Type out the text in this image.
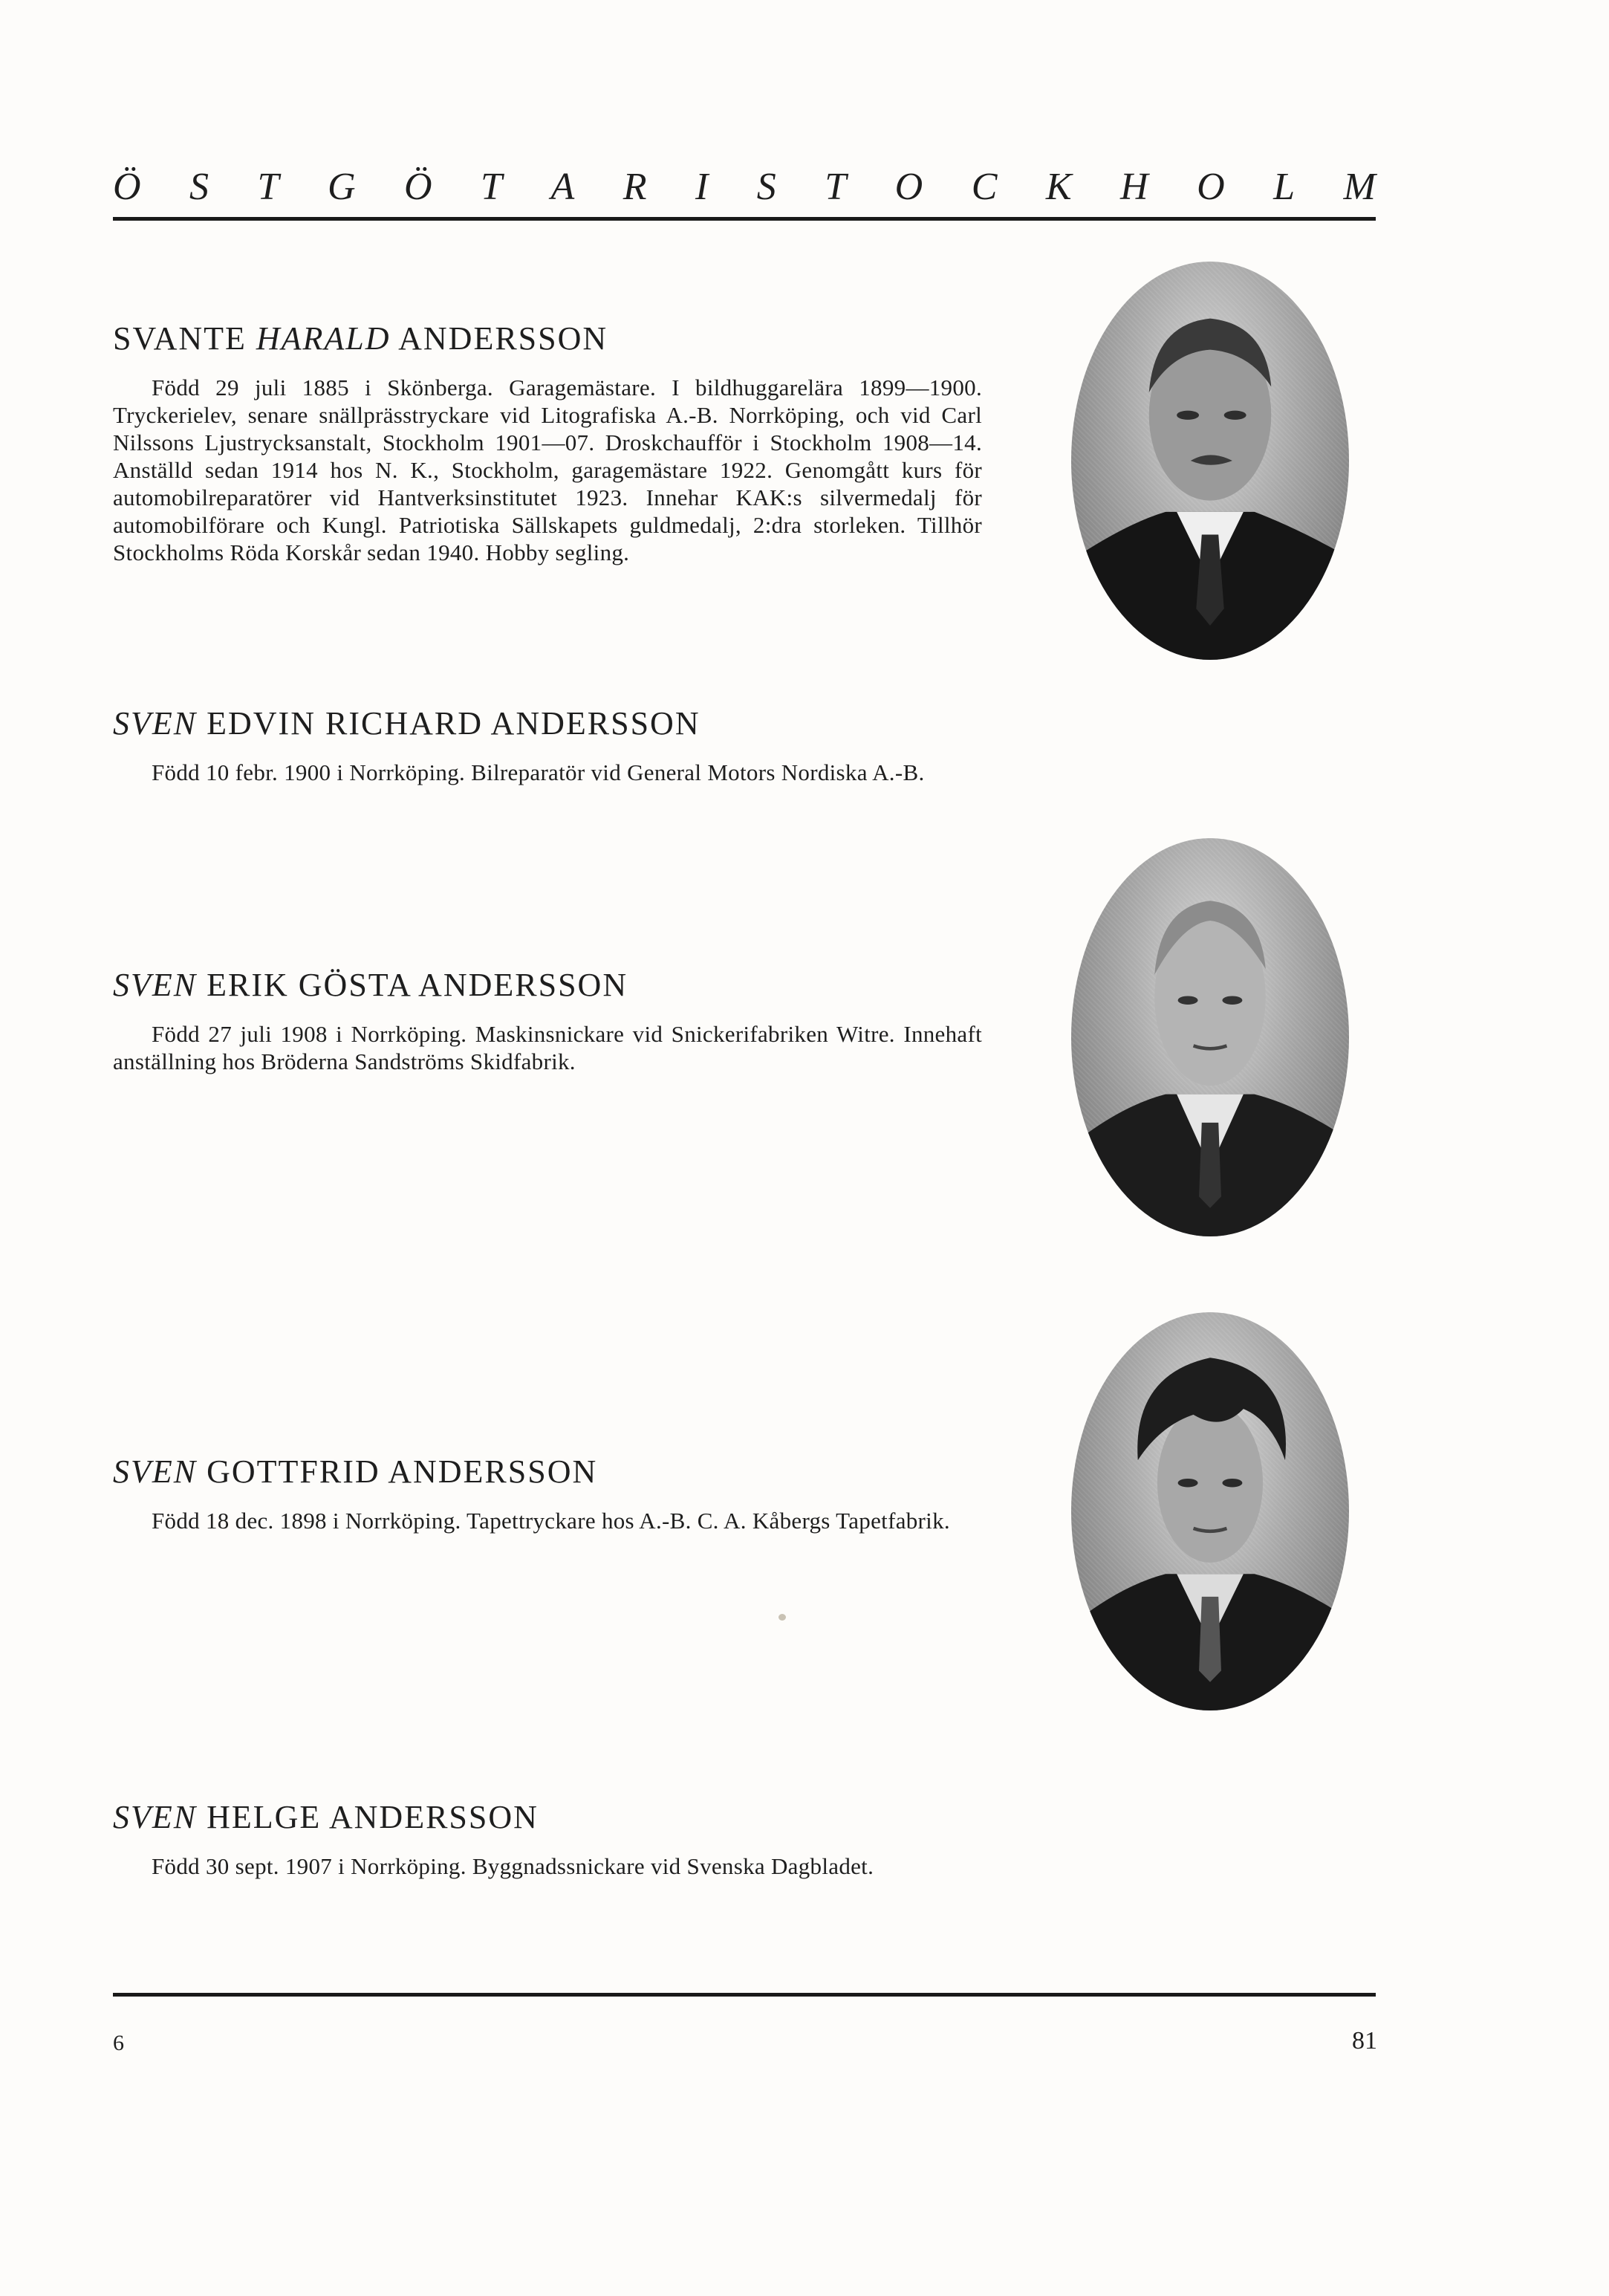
Ö S T G Ö T A R I S T O C K H O L M
SVANTE HARALD ANDERSSON

Född 29 juli 1885 i Skönberga. Garagemästare. I bildhuggarelära 1899—1900. Tryckerielev, senare snällprässtryckare vid Litografiska A.-B. Norrköping, och vid Carl Nilssons Ljustrycksanstalt, Stockholm 1901—07. Droskchaufför i Stockholm 1908—14. Anställd sedan 1914 hos N. K., Stockholm, garagemästare 1922. Genomgått kurs för automobilreparatörer vid Hantverksinstitutet 1923. Innehar KAK:s silvermedalj för automobilförare och Kungl. Patriotiska Sällskapets guldmedalj, 2:dra storleken. Tillhör Stockholms Röda Korskår sedan 1940. Hobby segling.

SVEN EDVIN RICHARD ANDERSSON

Född 10 febr. 1900 i Norrköping. Bilreparatör vid General Motors Nordiska A.-B.

SVEN ERIK GÖSTA ANDERSSON

Född 27 juli 1908 i Norrköping. Maskinsnickare vid Snickerifabriken Witre. Innehaft anställning hos Bröderna Sandströms Skidfabrik.

SVEN GOTTFRID ANDERSSON

Född 18 dec. 1898 i Norrköping. Tapettryckare hos A.-B. C. A. Kåbergs Tapetfabrik.

SVEN HELGE ANDERSSON

Född 30 sept. 1907 i Norrköping. Byggnadssnickare vid Svenska Dagbladet.

6	81
